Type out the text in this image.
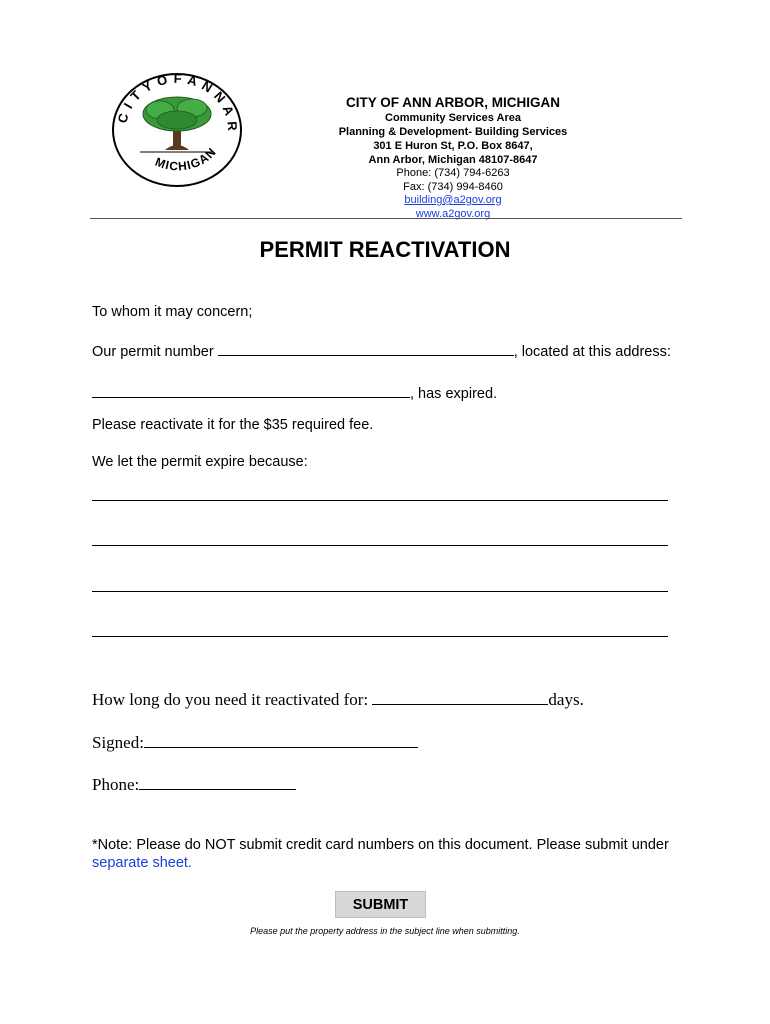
C I T Y O F A N N A R
MICHIGAN
CITY OF ANN ARBOR, MICHIGAN
Community Services Area
Planning & Development- Building Services
301 E Huron St, P.O. Box 8647,
Ann Arbor, Michigan 48107-8647
Phone: (734) 794-6263
Fax: (734) 994-8460
building@a2gov.org
www.a2gov.org
PERMIT REACTIVATION
To whom it may concern;
Our permit number	, located at this address:
, has expired.
Please reactivate it for the $35 required fee.
We let the permit expire because:
How long do you need it reactivated for:	days.
Signed:
Phone:
*Note: Please do NOT submit credit card numbers on this document. Please submit under separate sheet.
SUBMIT
Please put the property address in the subject line when submitting.
